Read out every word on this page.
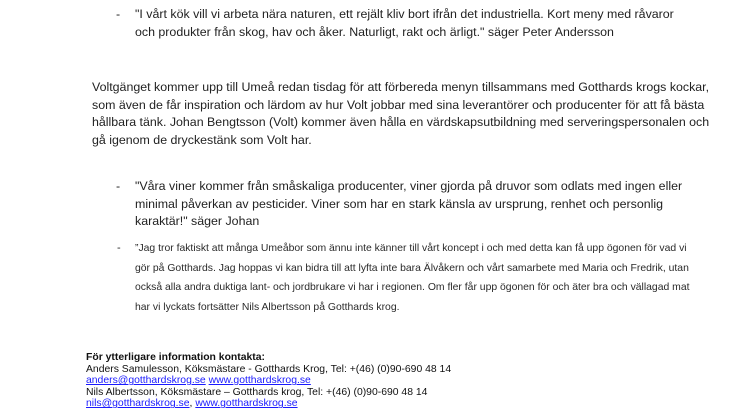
- "I vårt kök vill vi arbeta nära naturen, ett rejält kliv bort ifrån det industriella. Kort meny med råvaror och produkter från skog, hav och åker. Naturligt, rakt och ärligt." säger Peter Andersson
Voltgänget kommer upp till Umeå redan tisdag för att förbereda menyn tillsammans med Gotthards krogs kockar, som även de får inspiration och lärdom av hur Volt jobbar med sina leverantörer och producenter för att få bästa hållbara tänk. Johan Bengtsson (Volt) kommer även hålla en värdskapsutbildning med serveringspersonalen och gå igenom de dryckestänk som Volt har.
- "Våra viner kommer från småskaliga producenter, viner gjorda på druvor som odlats med ingen eller minimal påverkan av pesticider. Viner som har en stark känsla av ursprung, renhet och personlig karaktär!" säger Johan
- ”Jag tror faktiskt att många Umeåbor som ännu inte känner till vårt koncept i och med detta kan få upp ögonen för vad vi gör på Gotthards. Jag hoppas vi kan bidra till att lyfta inte bara Älvåkern och vårt samarbete med Maria och Fredrik, utan också alla andra duktiga lant- och jordbrukare vi har i regionen. Om fler får upp ögonen för och äter bra och vällagad mat har vi lyckats fortsätter Nils Albertsson på Gotthards krog.
För ytterligare information kontakta:
Anders Samulesson, Köksmästare - Gotthards Krog, Tel: +(46) (0)90-690 48 14
anders@gotthardskrog.se www.gotthardskrog.se
Nils Albertsson, Köksmästare – Gotthards krog, Tel: +(46) (0)90-690 48 14
nils@gotthardskrog.se, www.gotthardskrog.se
